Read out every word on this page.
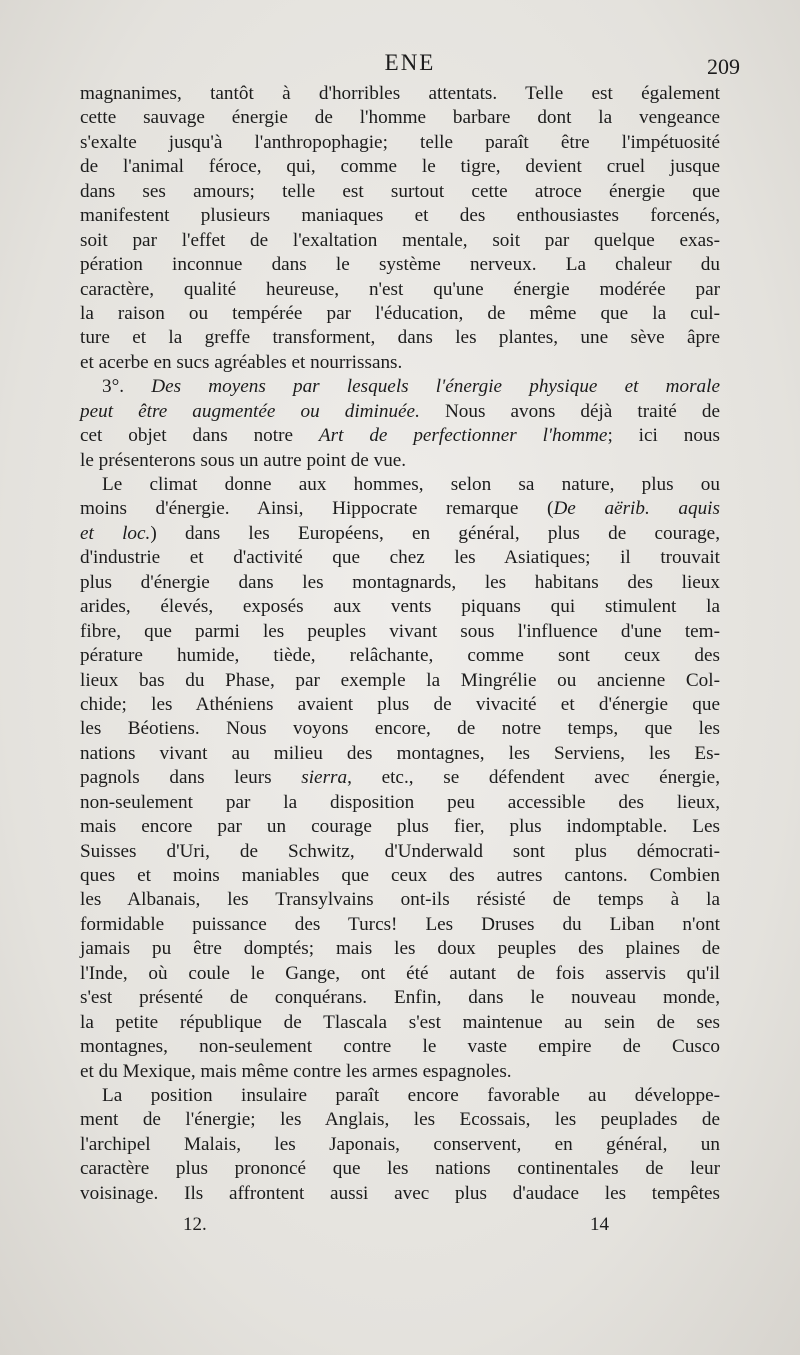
ENE	209
magnanimes, tantôt à d'horribles attentats. Telle est également
cette sauvage énergie de l'homme barbare dont la vengeance
s'exalte jusqu'à l'anthropophagie; telle paraît être l'impétuosité
de l'animal féroce, qui, comme le tigre, devient cruel jusque
dans ses amours; telle est surtout cette atroce énergie que
manifestent plusieurs maniaques et des enthousiastes forcenés,
soit par l'effet de l'exaltation mentale, soit par quelque exas-
pération inconnue dans le système nerveux. La chaleur du
caractère, qualité heureuse, n'est qu'une énergie modérée par
la raison ou tempérée par l'éducation, de même que la cul-
ture et la greffe transforment, dans les plantes, une sève âpre
et acerbe en sucs agréables et nourrissans.
3°. Des moyens par lesquels l'énergie physique et morale
peut être augmentée ou diminuée. Nous avons déjà traité de
cet objet dans notre Art de perfectionner l'homme; ici nous
le présenterons sous un autre point de vue.
Le climat donne aux hommes, selon sa nature, plus ou
moins d'énergie. Ainsi, Hippocrate remarque (De aërib. aquis
et loc.) dans les Européens, en général, plus de courage,
d'industrie et d'activité que chez les Asiatiques; il trouvait
plus d'énergie dans les montagnards, les habitans des lieux
arides, élevés, exposés aux vents piquans qui stimulent la
fibre, que parmi les peuples vivant sous l'influence d'une tem-
pérature humide, tiède, relâchante, comme sont ceux des
lieux bas du Phase, par exemple la Mingrélie ou ancienne Col-
chide; les Athéniens avaient plus de vivacité et d'énergie que
les Béotiens. Nous voyons encore, de notre temps, que les
nations vivant au milieu des montagnes, les Serviens, les Es-
pagnols dans leurs sierra, etc., se défendent avec énergie,
non-seulement par la disposition peu accessible des lieux,
mais encore par un courage plus fier, plus indomptable. Les
Suisses d'Uri, de Schwitz, d'Underwald sont plus démocrati-
ques et moins maniables que ceux des autres cantons. Combien
les Albanais, les Transylvains ont-ils résisté de temps à la
formidable puissance des Turcs! Les Druses du Liban n'ont
jamais pu être domptés; mais les doux peuples des plaines de
l'Inde, où coule le Gange, ont été autant de fois asservis qu'il
s'est présenté de conquérans. Enfin, dans le nouveau monde,
la petite république de Tlascala s'est maintenue au sein de ses
montagnes, non-seulement contre le vaste empire de Cusco
et du Mexique, mais même contre les armes espagnoles.
La position insulaire paraît encore favorable au développe-
ment de l'énergie; les Anglais, les Ecossais, les peuplades de
l'archipel Malais, les Japonais, conservent, en général, un
caractère plus prononcé que les nations continentales de leur
voisinage. Ils affrontent aussi avec plus d'audace les tempêtes
12.	14
